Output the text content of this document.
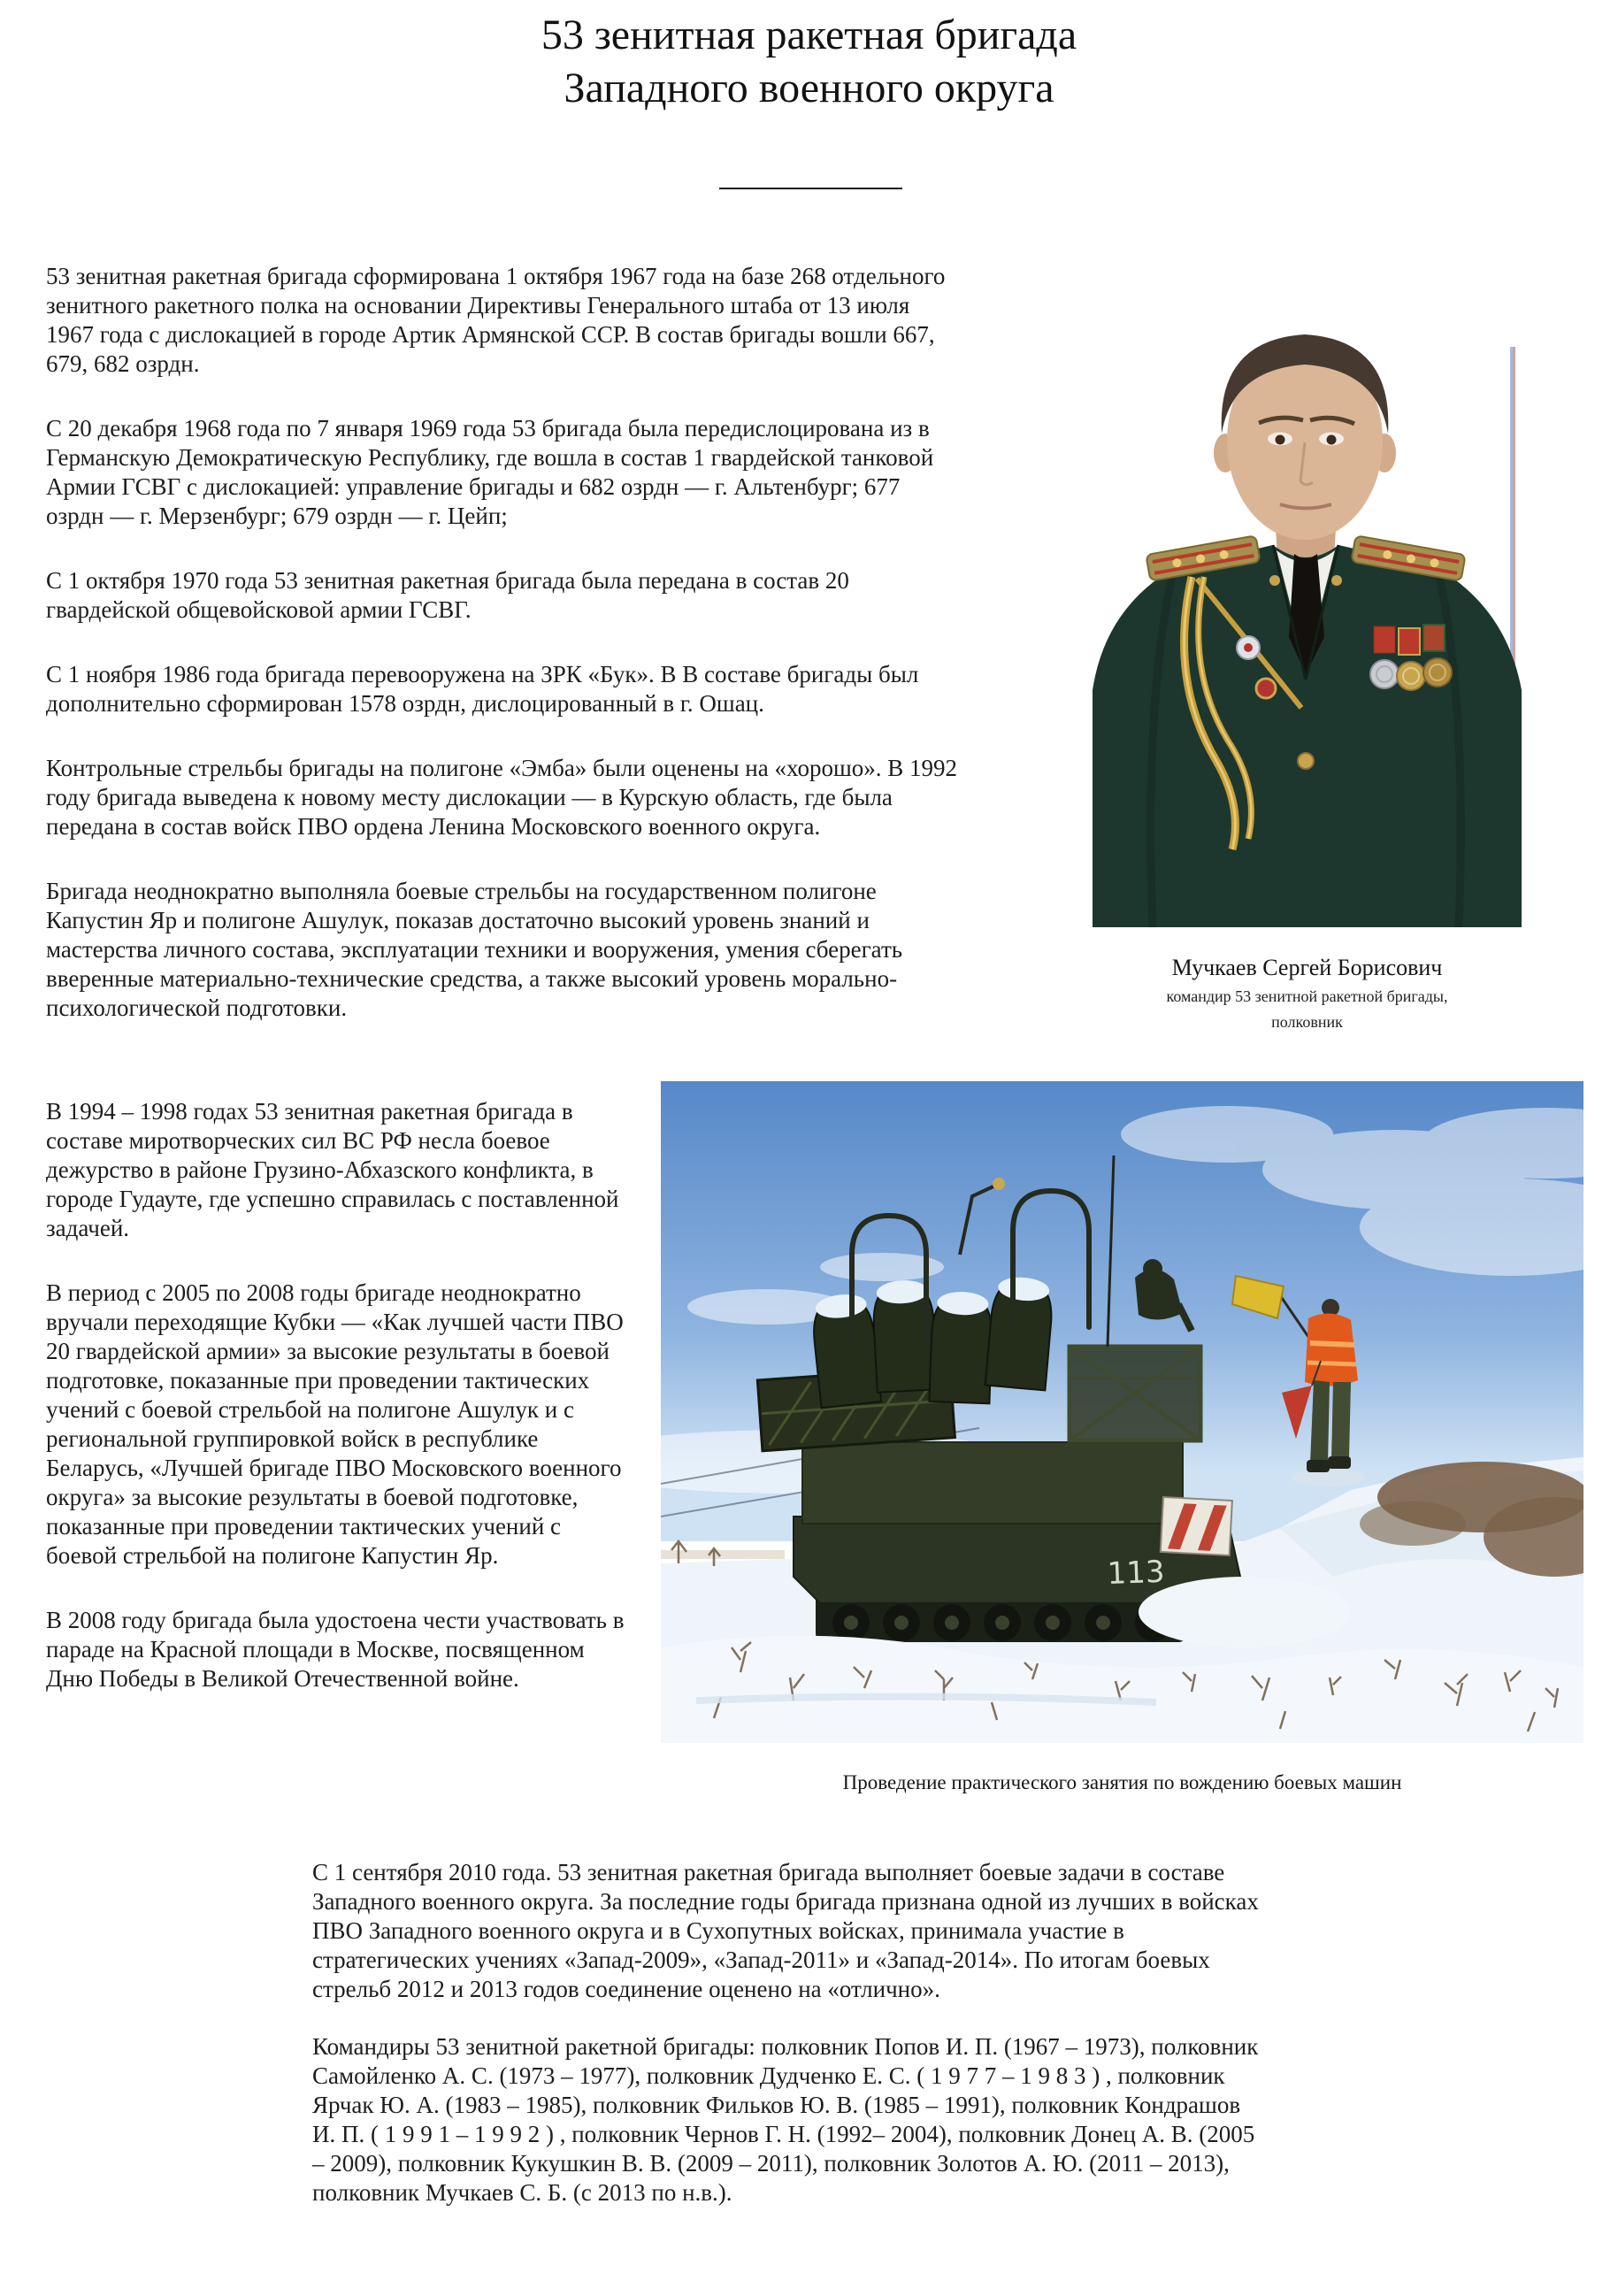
53 зенитная ракетная бригада
Западного военного округа

53 зенитная ракетная бригада сформирована 1 октября 1967 года на базе 268 отдельного зенитного ракетного полка на основании Директивы Генерального штаба от 13 июля 1967 года с дислокацией в городе Артик Армянской ССР. В состав бригады вошли 667, 679, 682 озрдн.

С 20 декабря 1968 года по 7 января 1969 года 53 бригада была передислоцирована из в Германскую Демократическую Республику, где вошла в состав 1 гвардейской танковой Армии ГСВГ с дислокацией: управление бригады и 682 озрдн — г. Альтенбург; 677 озрдн — г. Мерзенбург; 679 озрдн — г. Цейп;

С 1 октября 1970 года 53 зенитная ракетная бригада была передана в состав 20 гвардейской общевойсковой армии ГСВГ.

С 1 ноября 1986 года бригада перевооружена на ЗРК «Бук». В В составе бригады был дополнительно сформирован 1578 озрдн, дислоцированный в г. Ошац.

Контрольные стрельбы бригады на полигоне «Эмба» были оценены на «хорошо». В 1992 году бригада выведена к новому месту дислокации — в Курскую область, где была передана в состав войск ПВО ордена Ленина Московского военного округа.

Бригада неоднократно выполняла боевые стрельбы на государственном полигоне Капустин Яр и полигоне Ашулук, показав достаточно высокий уровень знаний и мастерства личного состава, эксплуатации техники и вооружения, умения сберегать вверенные материально-технические средства, а также высокий уровень морально-психологической подготовки.

Мучкаев Сергей Борисович
командир 53 зенитной ракетной бригады,
полковник

В 1994 – 1998 годах 53 зенитная ракетная бригада в составе миротворческих сил ВС РФ несла боевое дежурство в районе Грузино-Абхазского конфликта, в городе Гудауте, где успешно справилась с поставленной задачей.

В период с 2005 по 2008 годы бригаде неоднократно вручали переходящие Кубки — «Как лучшей части ПВО 20 гвардейской армии» за высокие результаты в боевой подготовке, показанные при проведении тактических учений с боевой стрельбой на полигоне Ашулук и с региональной группировкой войск в республике Беларусь, «Лучшей бригаде ПВО Московского военного округа» за высокие результаты в боевой подготовке, показанные при проведении тактических учений с боевой стрельбой на полигоне Капустин Яр.

В 2008 году бригада была удостоена чести участвовать в параде на Красной площади в Москве, посвященном Дню Победы в Великой Отечественной войне.

113
Проведение практического занятия по вождению боевых машин

С 1 сентября 2010 года. 53 зенитная ракетная бригада выполняет боевые задачи в составе Западного военного округа. За последние годы бригада признана одной из лучших в войсках ПВО Западного военного округа и в Сухопутных войсках, принимала участие в стратегических учениях «Запад-2009», «Запад-2011» и «Запад-2014». По итогам боевых стрельб 2012 и 2013 годов соединение оценено на «отлично».

Командиры 53 зенитной ракетной бригады: полковник Попов И. П. (1967 – 1973), полковник Самойленко А. С. (1973 – 1977), полковник Дудченко Е. С. ( 1 9 7 7 – 1 9 8 3 ) , полковник Ярчак Ю. А. (1983 – 1985), полковник Фильков Ю. В. (1985 – 1991), полковник Кондрашов И. П. ( 1 9 9 1 – 1 9 9 2 ) , полковник Чернов Г. Н. (1992– 2004), полковник Донец А. В. (2005 – 2009), полковник Кукушкин В. В. (2009 – 2011), полковник Золотов А. Ю. (2011 – 2013), полковник Мучкаев С. Б. (с 2013 по н.в.).
